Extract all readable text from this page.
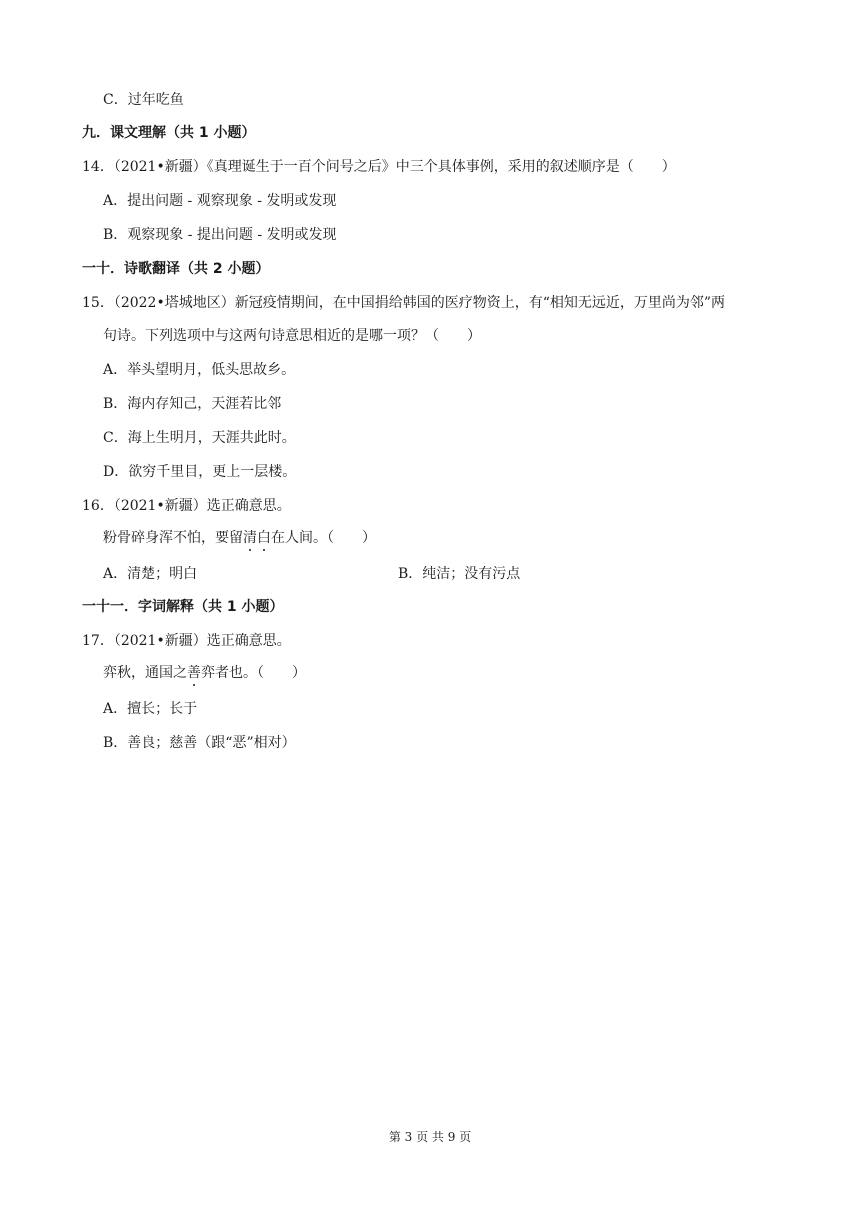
C．过年吃鱼
九．课文理解（共 1 小题）
14．（2021•新疆）《真理诞生于一百个问号之后》中三个具体事例，采用的叙述顺序是（　　）
A．提出问题 - 观察现象 - 发明或发现
B．观察现象 - 提出问题 - 发明或发现
一十．诗歌翻译（共 2 小题）
15．（2022•塔城地区）新冠疫情期间，在中国捐给韩国的医疗物资上，有“相知无远近，万里尚为邻”两
句诗。下列选项中与这两句诗意思相近的是哪一项？（　　）
A．举头望明月，低头思故乡。
B．海内存知己，天涯若比邻
C．海上生明月，天涯共此时。
D．欲穷千里目，更上一层楼。
16．（2021•新疆）选正确意思。
粉骨碎身浑不怕，要留清白在人间。（　　）
A．清楚；明白	B．纯洁；没有污点
一十一．字词解释（共 1 小题）
17．（2021•新疆）选正确意思。
弈秋，通国之善弈者也。（　　）
A．擅长；长于
B．善良；慈善（跟“恶”相对）
第 3 页 共 9 页
